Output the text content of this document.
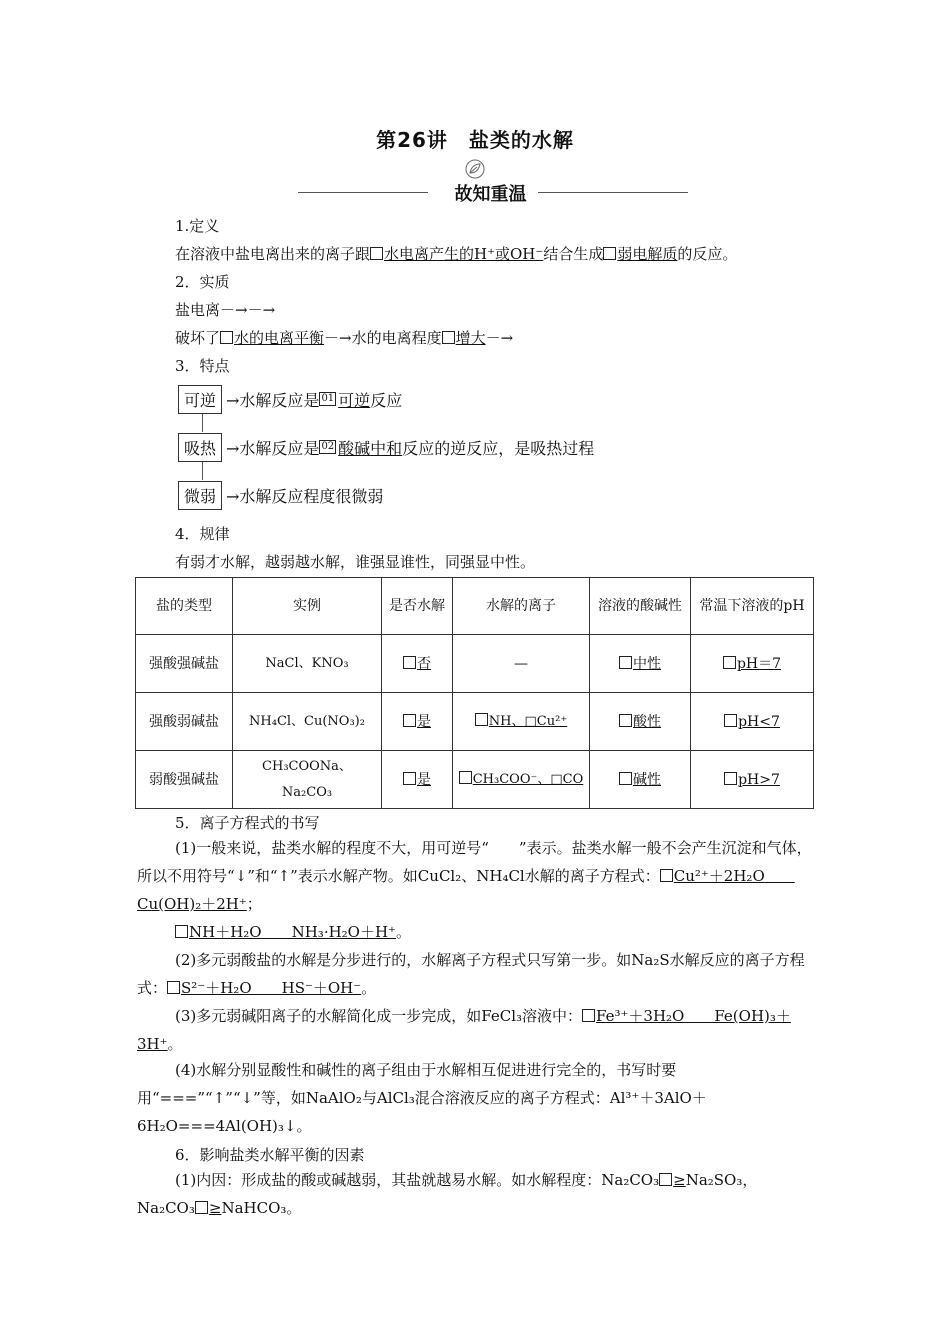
第26讲　盐类的水解
故知重温
1.定义
在溶液中盐电离出来的离子跟 水电离产生的H⁺或OH⁻结合生成 弱电解质的反应。
2．实质
盐电离－→－→
破坏了 水的电离平衡－→水的电离程度 增大－→
3．特点
可逆 →水解反应是 01 可逆 反应
吸热 →水解反应是 02 酸碱中和 反应的逆反应，是吸热过程
微弱 →水解反应程度很微弱
4．规律
有弱才水解，越弱越水解，谁强显谁性，同强显中性。
盐的类型	实例	是否水解	水解的离子	溶液的酸碱性	常温下溶液的pH
强酸强碱盐	NaCl、KNO₃	否	—	中性	pH＝7
强酸弱碱盐	NH₄Cl、Cu(NO₃)₂	是	NH、□Cu²⁺	酸性	pH<7
弱酸强碱盐	CH₃COONa、Na₂CO₃	是	CH₃COO⁻、□CO	碱性	pH>7
5．离子方程式的书写
(1)一般来说，盐类水解的程度不大，用可逆号“　　”表示。盐类水解一般不会产生沉淀和气体，所以不用符号“↓”和“↑”表示水解产物。如CuCl₂、NH₄Cl水解的离子方程式： Cu²⁺＋2H₂O　　Cu(OH)₂＋2H⁺；
NH＋H₂O　　NH₃·H₂O＋H⁺。
(2)多元弱酸盐的水解是分步进行的，水解离子方程式只写第一步。如Na₂S水解反应的离子方程式： S²⁻＋H₂O　　HS⁻＋OH⁻。
(3)多元弱碱阳离子的水解简化成一步完成，如FeCl₃溶液中： Fe³⁺＋3H₂O　　Fe(OH)₃＋3H⁺。
(4)水解分别显酸性和碱性的离子组由于水解相互促进进行完全的，书写时要用“===”“↑”“↓”等，如NaAlO₂与AlCl₃混合溶液反应的离子方程式：Al³⁺＋3AlO＋6H₂O===4Al(OH)₃↓。
6．影响盐类水解平衡的因素
(1)内因：形成盐的酸或碱越弱，其盐就越易水解。如水解程度：Na₂CO₃ ≥Na₂SO₃，Na₂CO₃ ≥NaHCO₃。
